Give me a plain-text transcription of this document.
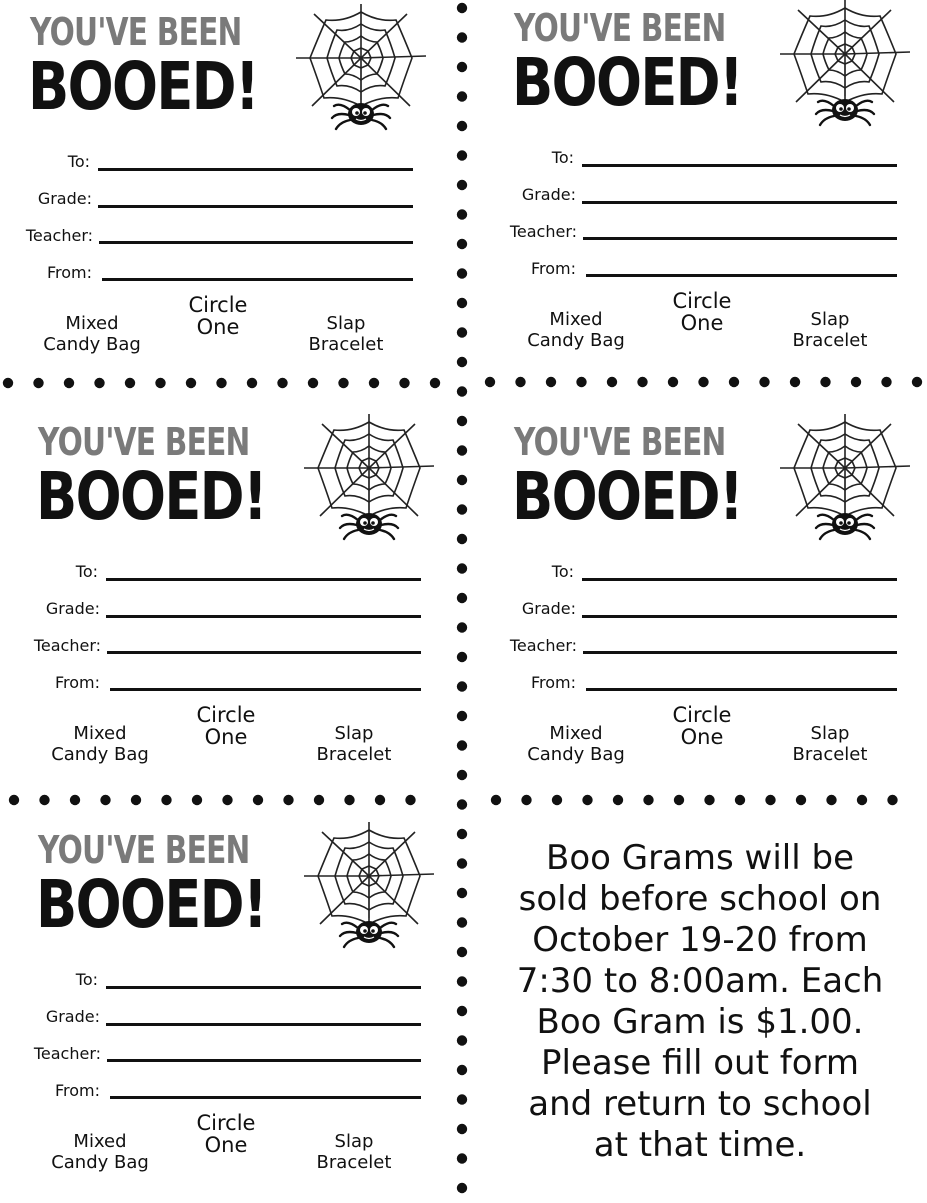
YOU'VE BEEN
BOOED!
To:
Grade:
Teacher:
From:
Mixed
Candy Bag
Circle
One	Slap
Bracelet
YOU'VE BEEN
BOOED!
To:
Grade:
Teacher:
From:
Mixed
Candy Bag
Circle
One	Slap
Bracelet
YOU'VE BEEN
BOOED!
To:
Grade:
Teacher:
From:
Mixed
Candy Bag
Circle
One	Slap
Bracelet
YOU'VE BEEN
BOOED!
To:
Grade:
Teacher:
From:
Mixed
Candy Bag
Circle
One	Slap
Bracelet
YOU'VE BEEN
BOOED!
To:
Grade:
Teacher:
From:
Mixed
Candy Bag
Circle
One	Slap
Bracelet
Boo Grams will be
sold before school on
October 19-20 from
7:30 to 8:00am. Each
Boo Gram is $1.00.
Please fill out form
and return to school
at that time.
